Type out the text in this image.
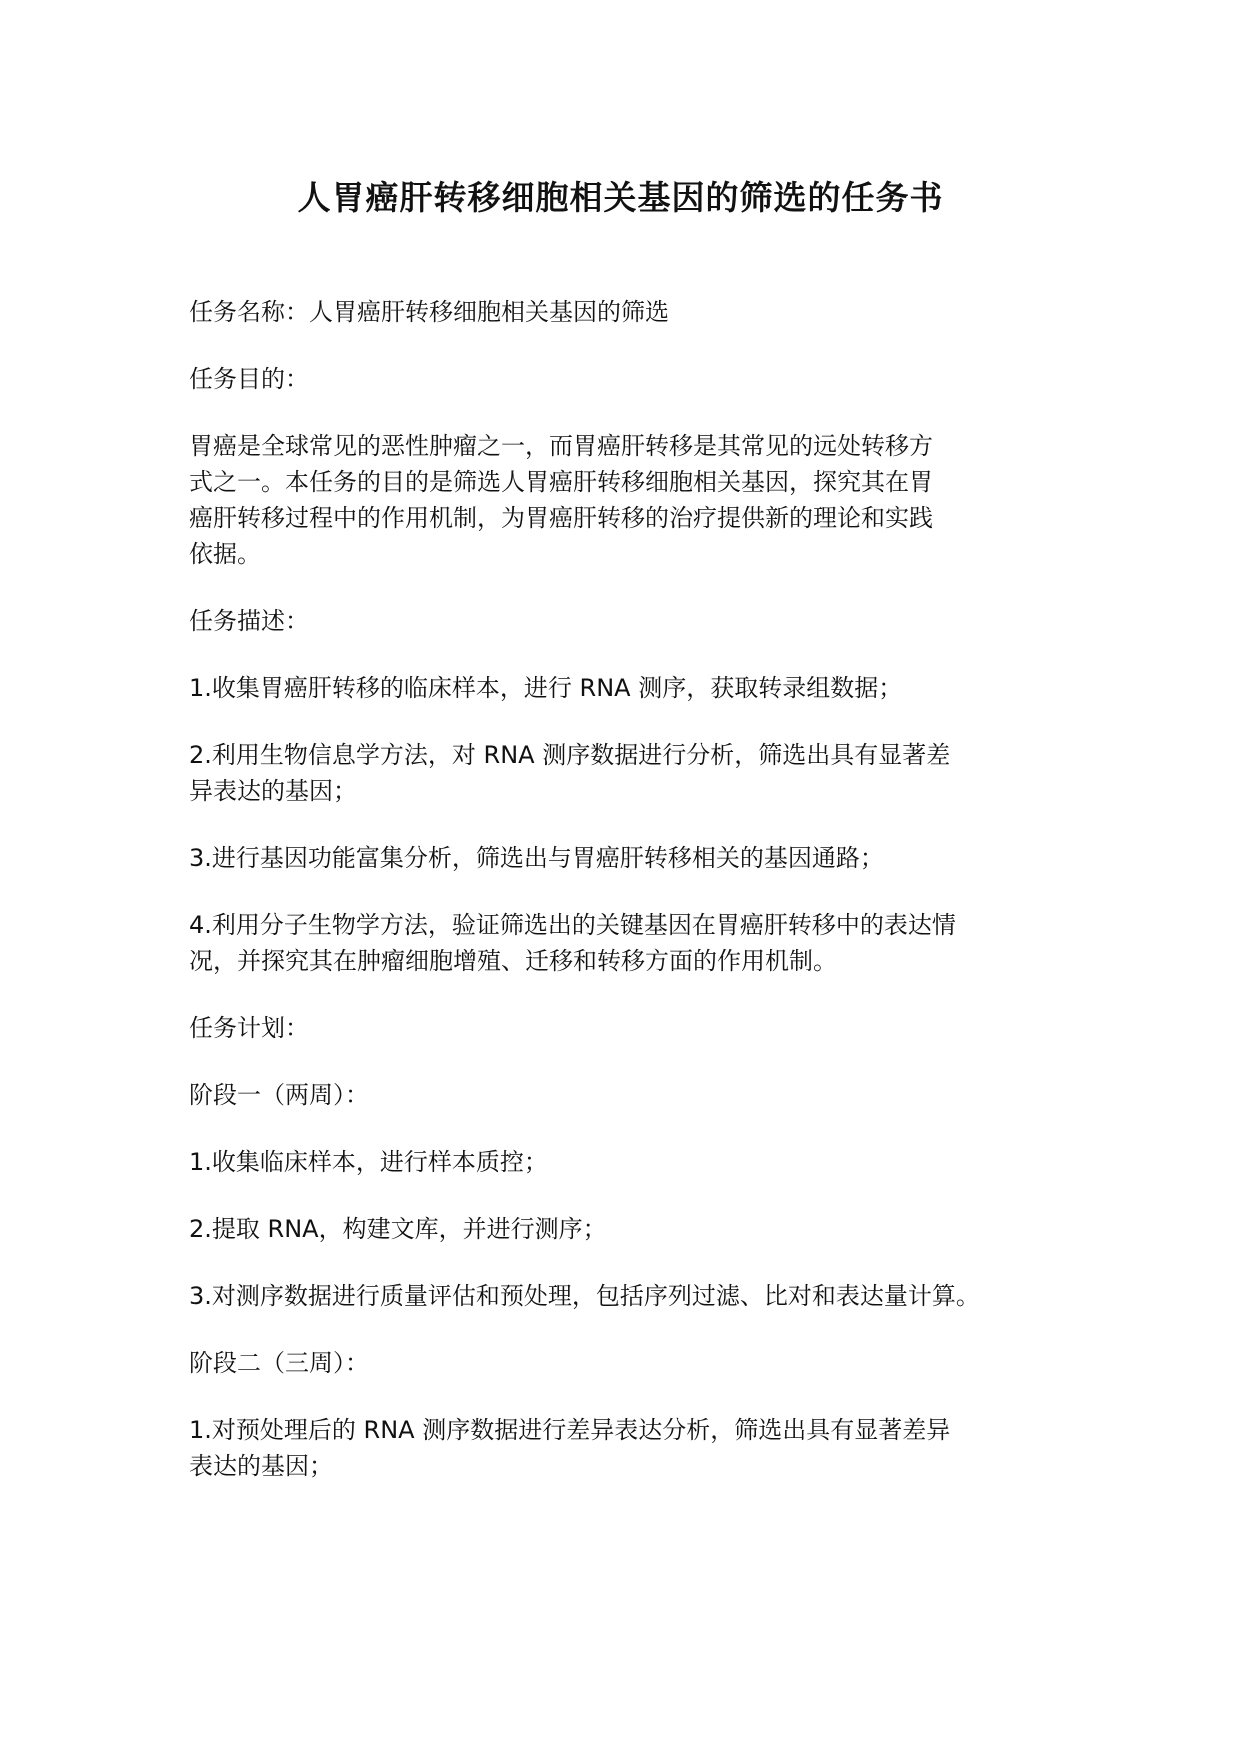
人胃癌肝转移细胞相关基因的筛选的任务书

任务名称：人胃癌肝转移细胞相关基因的筛选

任务目的：

胃癌是全球常见的恶性肿瘤之一，而胃癌肝转移是其常见的远处转移方
式之一。本任务的目的是筛选人胃癌肝转移细胞相关基因，探究其在胃
癌肝转移过程中的作用机制，为胃癌肝转移的治疗提供新的理论和实践
依据。

任务描述：

1.收集胃癌肝转移的临床样本，进行 RNA 测序，获取转录组数据；

2.利用生物信息学方法，对 RNA 测序数据进行分析，筛选出具有显著差
异表达的基因；

3.进行基因功能富集分析，筛选出与胃癌肝转移相关的基因通路；

4.利用分子生物学方法，验证筛选出的关键基因在胃癌肝转移中的表达情
况，并探究其在肿瘤细胞增殖、迁移和转移方面的作用机制。

任务计划：

阶段一（两周）：

1.收集临床样本，进行样本质控；

2.提取 RNA，构建文库，并进行测序；

3.对测序数据进行质量评估和预处理，包括序列过滤、比对和表达量计算。

阶段二（三周）：

1.对预处理后的 RNA 测序数据进行差异表达分析，筛选出具有显著差异
表达的基因；
